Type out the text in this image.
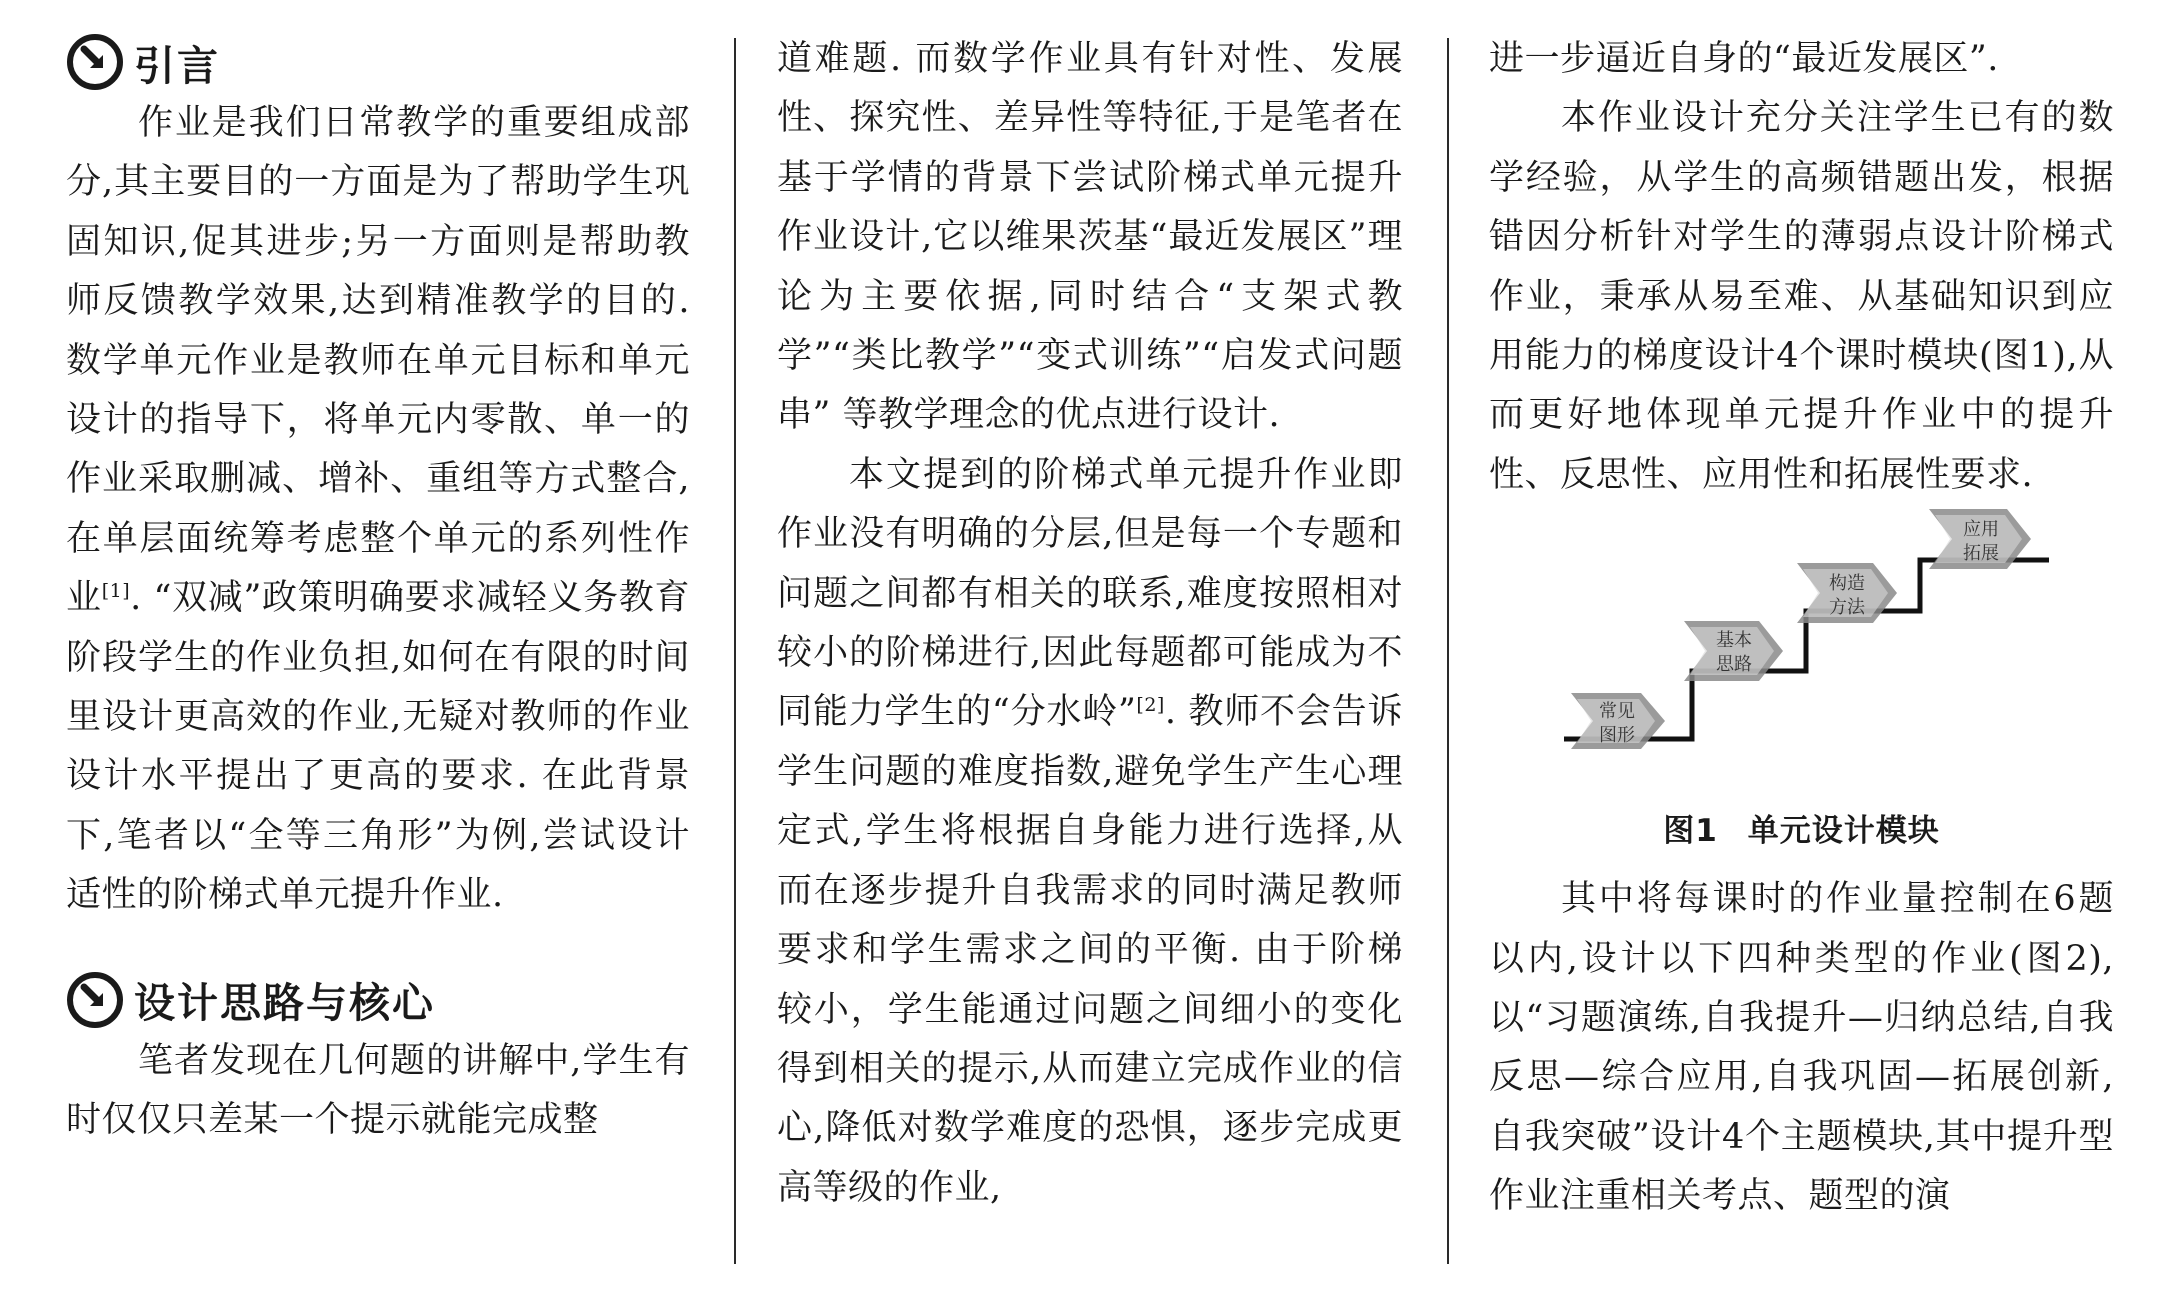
引言

作业是我们日常教学的重要组成部分,其主要目的一方面是为了帮助学生巩固知识,促其进步;另一方面则是帮助教师反馈教学效果,达到精准教学的目的. 数学单元作业是教师在单元目标和单元设计的指导下，将单元内零散、单一的作业采取删减、增补、重组等方式整合,在单层面统筹考虑整个单元的系列性作业[1]. “双减”政策明确要求减轻义务教育阶段学生的作业负担,如何在有限的时间里设计更高效的作业,无疑对教师的作业设计水平提出了更高的要求. 在此背景下,笔者以“全等三角形”为例,尝试设计适性的阶梯式单元提升作业.

设计思路与核心

笔者发现在几何题的讲解中,学生有时仅仅只差某一个提示就能完成整

道难题. 而数学作业具有针对性、发展性、探究性、差异性等特征,于是笔者在基于学情的背景下尝试阶梯式单元提升作业设计,它以维果茨基“最近发展区”理论为主要依据,同时结合“支架式教学”“类比教学”“变式训练”“启发式问题串” 等教学理念的优点进行设计.

本文提到的阶梯式单元提升作业即作业没有明确的分层,但是每一个专题和问题之间都有相关的联系,难度按照相对较小的阶梯进行,因此每题都可能成为不同能力学生的“分水岭”[2]. 教师不会告诉学生问题的难度指数,避免学生产生心理定式,学生将根据自身能力进行选择,从而在逐步提升自我需求的同时满足教师要求和学生需求之间的平衡. 由于阶梯较小，学生能通过问题之间细小的变化得到相关的提示,从而建立完成作业的信心,降低对数学难度的恐惧，逐步完成更高等级的作业,

进一步逼近自身的“最近发展区”.

本作业设计充分关注学生已有的数学经验，从学生的高频错题出发，根据错因分析针对学生的薄弱点设计阶梯式作业，秉承从易至难、从基础知识到应用能力的梯度设计4个课时模块(图1),从而更好地体现单元提升作业中的提升性、反思性、应用性和拓展性要求.

常见
图形
基本
思路
构造
方法
应用
拓展
图1 单元设计模块

其中将每课时的作业量控制在6题以内,设计以下四种类型的作业(图2),以“习题演练,自我提升—归纳总结,自我反思—综合应用,自我巩固—拓展创新,自我突破”设计4个主题模块,其中提升型作业注重相关考点、题型的演
